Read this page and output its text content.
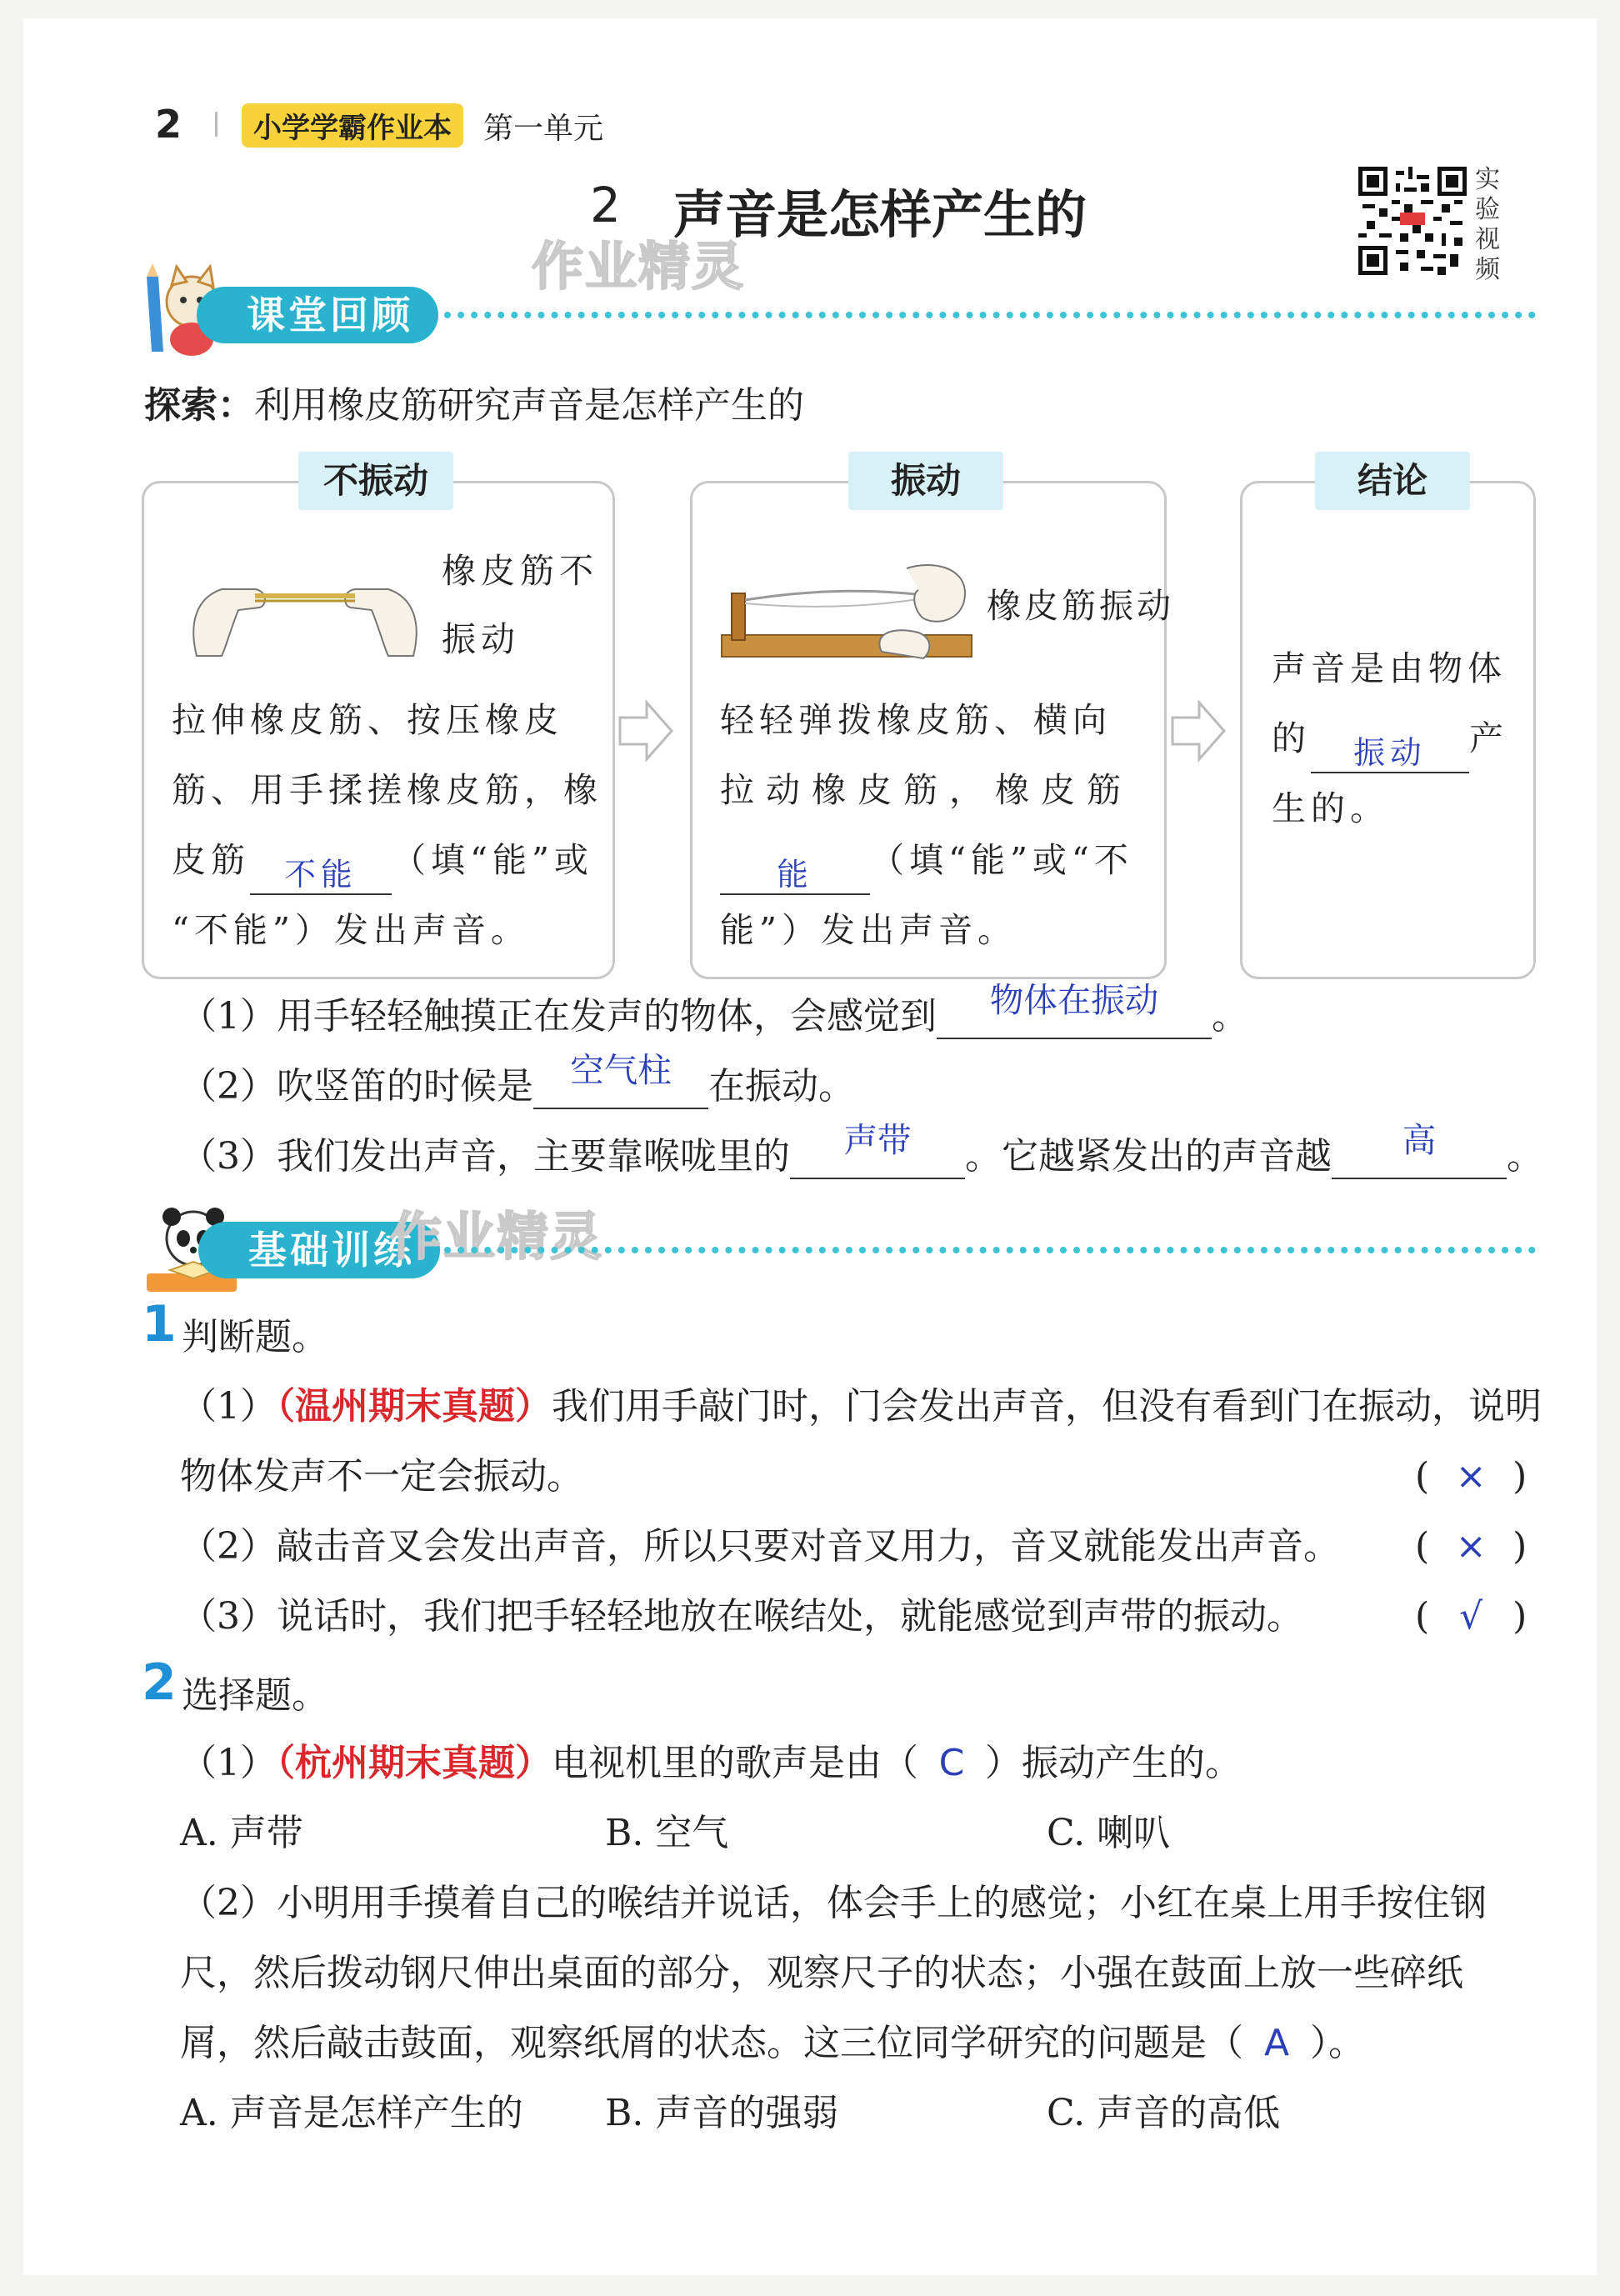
2	小学学霸作业本	第一单元
2 声音是怎样产生的
作业精灵
实验视频
课堂回顾
探索：利用橡皮筋研究声音是怎样产生的
不振动
橡皮筋不
振动
拉伸橡皮筋、按压橡皮
筋、用手揉搓橡皮筋，橡
皮筋 不能 （填“能”或
“不能”）发出声音。
振动
橡皮筋振动
轻轻弹拨橡皮筋、横向
拉动橡皮筋，橡皮筋
能 （填“能”或“不
能”）发出声音。
结论
声音是由物体
的 振动 产
生的。
（1）用手轻轻触摸正在发声的物体，会感觉到 物体在振动 。
（2）吹竖笛的时候是 空气柱 在振动。
（3）我们发出声音，主要靠喉咙里的 声带 。它越紧发出的声音越 高 。
基础训练
作业精灵
1 判断题。
（1）（温州期末真题）我们用手敲门时，门会发出声音，但没有看到门在振动，说明
物体发声不一定会振动。	( × )
（2）敲击音叉会发出声音，所以只要对音叉用力，音叉就能发出声音。 ( × )
（3）说话时，我们把手轻轻地放在喉结处，就能感觉到声带的振动。	( √ )
2 选择题。
（1）（杭州期末真题）电视机里的歌声是由（ C ）振动产生的。
A. 声带	B. 空气	C. 喇叭
（2）小明用手摸着自己的喉结并说话，体会手上的感觉；小红在桌上用手按住钢
尺，然后拨动钢尺伸出桌面的部分，观察尺子的状态；小强在鼓面上放一些碎纸
屑，然后敲击鼓面，观察纸屑的状态。这三位同学研究的问题是（ A ）。
A. 声音是怎样产生的 B. 声音的强弱	C. 声音的高低
